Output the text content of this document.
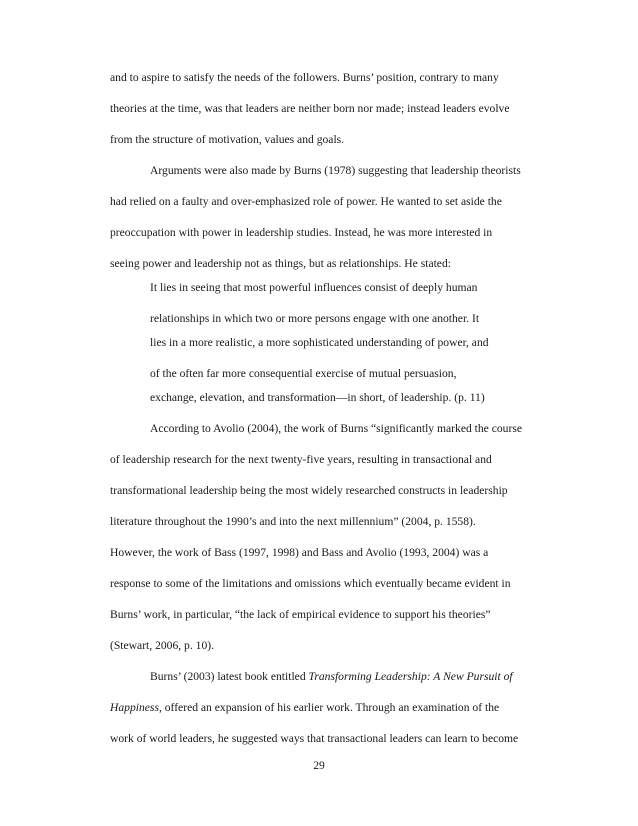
and to aspire to satisfy the needs of the followers. Burns’ position, contrary to many
theories at the time, was that leaders are neither born nor made; instead leaders evolve
from the structure of motivation, values and goals.
Arguments were also made by Burns (1978) suggesting that leadership theorists
had relied on a faulty and over-emphasized role of power. He wanted to set aside the
preoccupation with power in leadership studies. Instead, he was more interested in
seeing power and leadership not as things, but as relationships. He stated:
It lies in seeing that most powerful influences consist of deeply human
relationships in which two or more persons engage with one another. It
lies in a more realistic, a more sophisticated understanding of power, and
of the often far more consequential exercise of mutual persuasion,
exchange, elevation, and transformation—in short, of leadership. (p. 11)
According to Avolio (2004), the work of Burns “significantly marked the course
of leadership research for the next twenty-five years, resulting in transactional and
transformational leadership being the most widely researched constructs in leadership
literature throughout the 1990’s and into the next millennium” (2004, p. 1558).
However, the work of Bass (1997, 1998) and Bass and Avolio (1993, 2004) was a
response to some of the limitations and omissions which eventually became evident in
Burns’ work, in particular, “the lack of empirical evidence to support his theories”
(Stewart, 2006, p. 10).
Burns’ (2003) latest book entitled Transforming Leadership: A New Pursuit of
Happiness, offered an expansion of his earlier work. Through an examination of the
work of world leaders, he suggested ways that transactional leaders can learn to become
29
